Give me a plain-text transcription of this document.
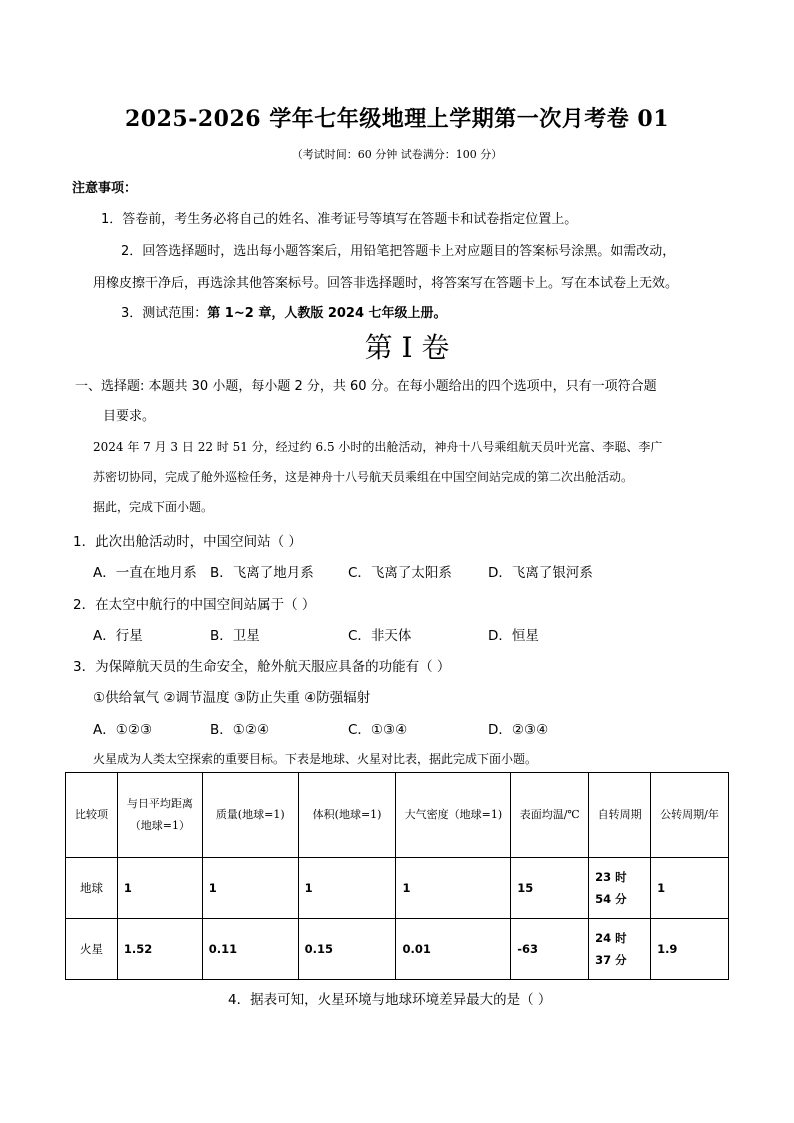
2025-2026 学年七年级地理上学期第一次月考卷 01
（考试时间：60 分钟 试卷满分：100 分）
注意事项：
1．答卷前，考生务必将自己的姓名、准考证号等填写在答题卡和试卷指定位置上。
2．回答选择题时，选出每小题答案后，用铅笔把答题卡上对应题目的答案标号涂黑。如需改动，
用橡皮擦干净后，再选涂其他答案标号。回答非选择题时，将答案写在答题卡上。写在本试卷上无效。
3．测试范围：第 1~2 章，人教版 2024 七年级上册。
第 I 卷
一、选择题: 本题共 30 小题，每小题 2 分，共 60 分。在每小题给出的四个选项中，只有一项符合题
目要求。
2024 年 7 月 3 日 22 时 51 分，经过约 6.5 小时的出舱活动，神舟十八号乘组航天员叶光富、李聪、李广
苏密切协同，完成了舱外巡检任务，这是神舟十八号航天员乘组在中国空间站完成的第二次出舱活动。
据此，完成下面小题。
1．此次出舱活动时，中国空间站（ ）
A．一直在地月系 B．飞离了地月系	C．飞离了太阳系	D．飞离了银河系
2．在太空中航行的中国空间站属于（ ）
A．行星	B．卫星	C．非天体	D．恒星
3．为保障航天员的生命安全，舱外航天服应具备的功能有（ ）
①供给氧气 ②调节温度 ③防止失重 ④防强辐射
A．①②③	B．①②④	C．①③④	D．②③④
火星成为人类太空探索的重要目标。下表是地球、火星对比表，据此完成下面小题。
比较项	与日平均距离（地球=1）	质量(地球=1)	体积(地球=1)	大气密度（地球=1)	表面均温/℃	自转周期	公转周期/年
地球	1	1	1	1	15	23 时 54 分	1
火星	1.52	0.11	0.15	0.01	-63	24 时 37 分	1.9
4．据表可知，火星环境与地球环境差异最大的是（ ）
